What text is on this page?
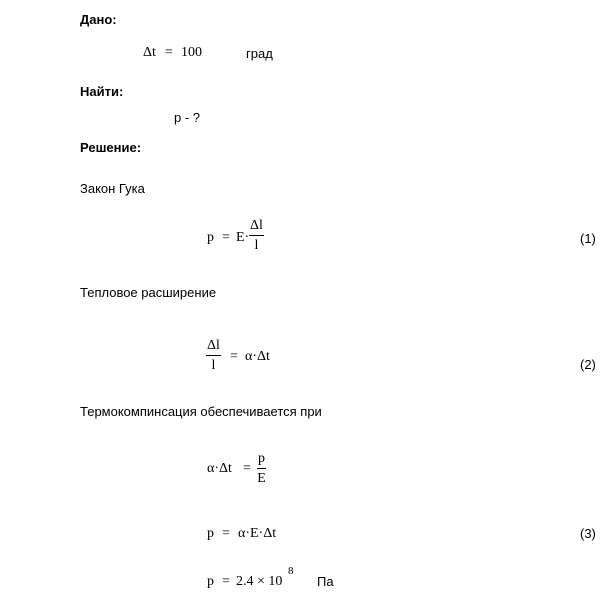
Дано:
Δt = 100	град
Найти:
p - ?
Решение:
Закон Гука
p = E·
Δl
l	(1)
Тепловое расширение
Δl
l
= α·Δt
(2)
Термокомпинсация обеспечивается при
α·Δt =
p
E
p = α·E·Δt	(3)
p = 2.4 × 10
8
Па
